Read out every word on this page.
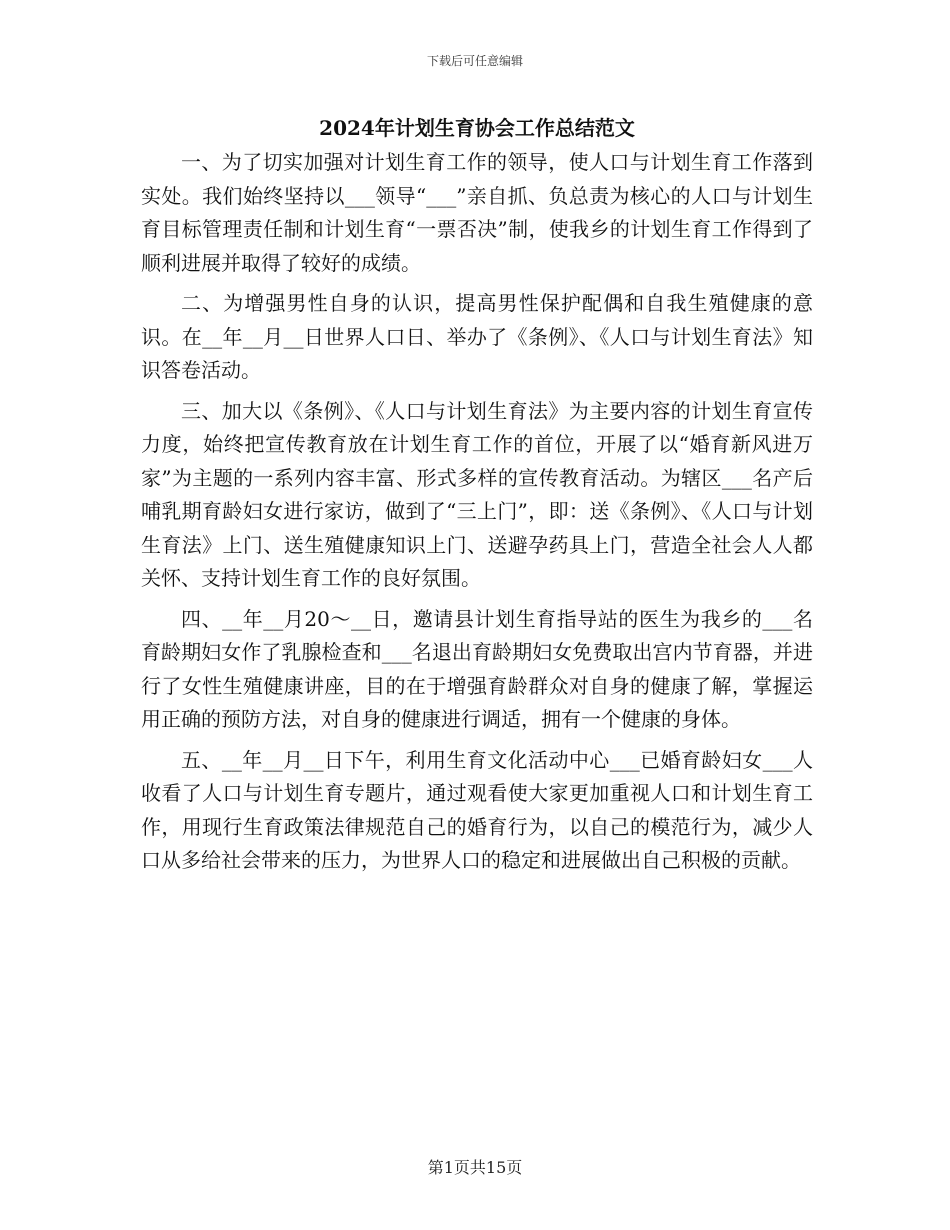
下载后可任意编辑
2024年计划生育协会工作总结范文

一、为了切实加强对计划生育工作的领导，使人口与计划生育工作落到实处。我们始终坚持以___领导“___”亲自抓、负总责为核心的人口与计划生育目标管理责任制和计划生育“一票否决”制，使我乡的计划生育工作得到了顺利进展并取得了较好的成绩。

二、为增强男性自身的认识，提高男性保护配偶和自我生殖健康的意识。在__年__月__日世界人口日、举办了《条例》、《人口与计划生育法》知识答卷活动。

三、加大以《条例》、《人口与计划生育法》为主要内容的计划生育宣传力度，始终把宣传教育放在计划生育工作的首位，开展了以“婚育新风进万家”为主题的一系列内容丰富、形式多样的宣传教育活动。为辖区___名产后哺乳期育龄妇女进行家访，做到了“三上门”，即：送《条例》、《人口与计划生育法》上门、送生殖健康知识上门、送避孕药具上门，营造全社会人人都关怀、支持计划生育工作的良好氛围。

四、__年__月20～__日，邀请县计划生育指导站的医生为我乡的___名育龄期妇女作了乳腺检查和___名退出育龄期妇女免费取出宫内节育器，并进行了女性生殖健康讲座，目的在于增强育龄群众对自身的健康了解，掌握运用正确的预防方法，对自身的健康进行调适，拥有一个健康的身体。

五、__年__月__日下午，利用生育文化活动中心___已婚育龄妇女___人收看了人口与计划生育专题片，通过观看使大家更加重视人口和计划生育工作，用现行生育政策法律规范自己的婚育行为，以自己的模范行为，减少人口从多给社会带来的压力，为世界人口的稳定和进展做出自己积极的贡献。

第1页共15页
